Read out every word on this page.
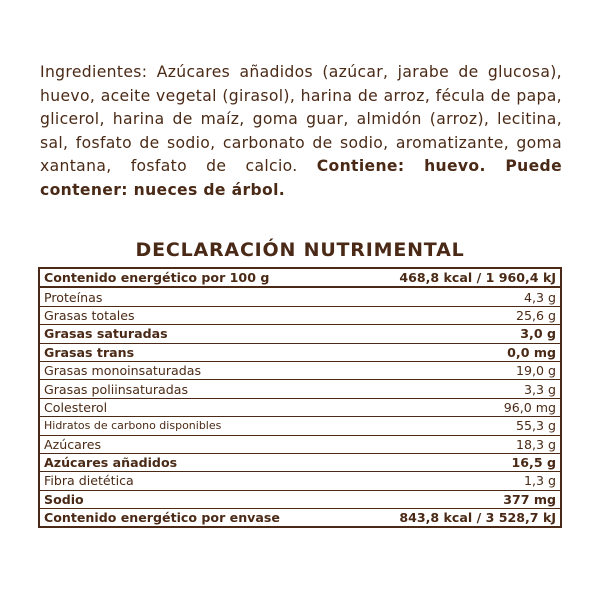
Ingredientes: Azúcares añadidos (azúcar, jarabe de glucosa), huevo, aceite vegetal (girasol), harina de arroz, fécula de papa, glicerol, harina de maíz, goma guar, almidón (arroz), lecitina, sal, fosfato de sodio, carbonato de sodio, aromatizante, goma xantana, fosfato de calcio. Contiene: huevo. Puede contener: nueces de árbol.
DECLARACIÓN NUTRIMENTAL
Contenido energético por 100 g	468,8 kcal / 1 960,4 kJ
Proteínas	4,3 g
Grasas totales	25,6 g
Grasas saturadas	3,0 g
Grasas trans	0,0 mg
Grasas monoinsaturadas	19,0 g
Grasas poliinsaturadas	3,3 g
Colesterol	96,0 mg
Hidratos de carbono disponibles	55,3 g
Azúcares	18,3 g
Azúcares añadidos	16,5 g
Fibra dietética	1,3 g
Sodio	377 mg
Contenido energético por envase	843,8 kcal / 3 528,7 kJ
